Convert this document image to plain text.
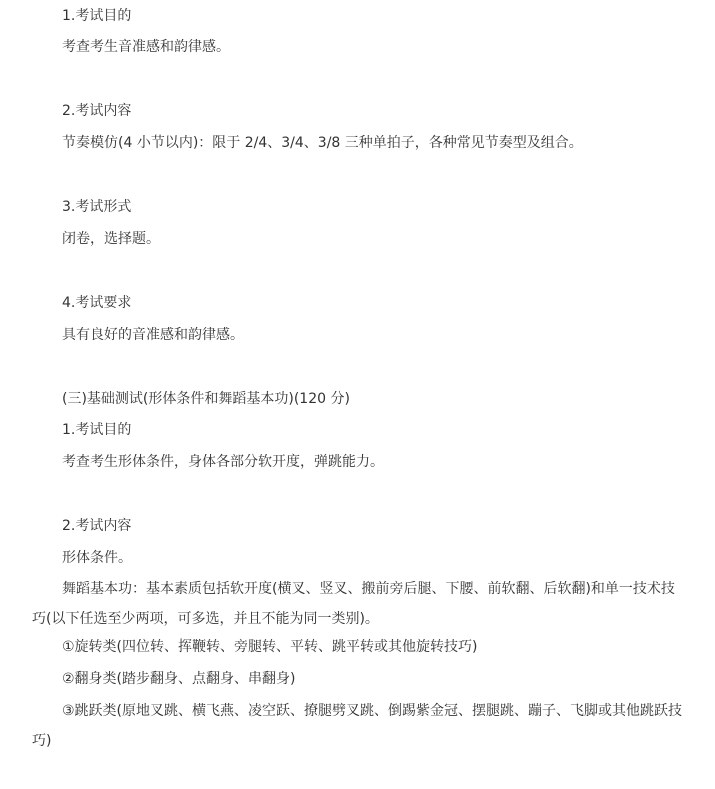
1.考试目的
考查考生音准感和韵律感。
2.考试内容
节奏模仿(4 小节以内)：限于 2/4、3/4、3/8 三种单拍子，各种常见节奏型及组合。
3.考试形式
闭卷，选择题。
4.考试要求
具有良好的音准感和韵律感。
(三)基础测试(形体条件和舞蹈基本功)(120 分)
1.考试目的
考查考生形体条件，身体各部分软开度，弹跳能力。
2.考试内容
形体条件。
舞蹈基本功：基本素质包括软开度(横叉、竖叉、搬前旁后腿、下腰、前软翻、后软翻)和单一技术技巧(以下任选至少两项，可多选，并且不能为同一类别)。
①旋转类(四位转、挥鞭转、旁腿转、平转、跳平转或其他旋转技巧)
②翻身类(踏步翻身、点翻身、串翻身)
③跳跃类(原地叉跳、横飞燕、凌空跃、撩腿劈叉跳、倒踢紫金冠、摆腿跳、蹦子、飞脚或其他跳跃技巧)
